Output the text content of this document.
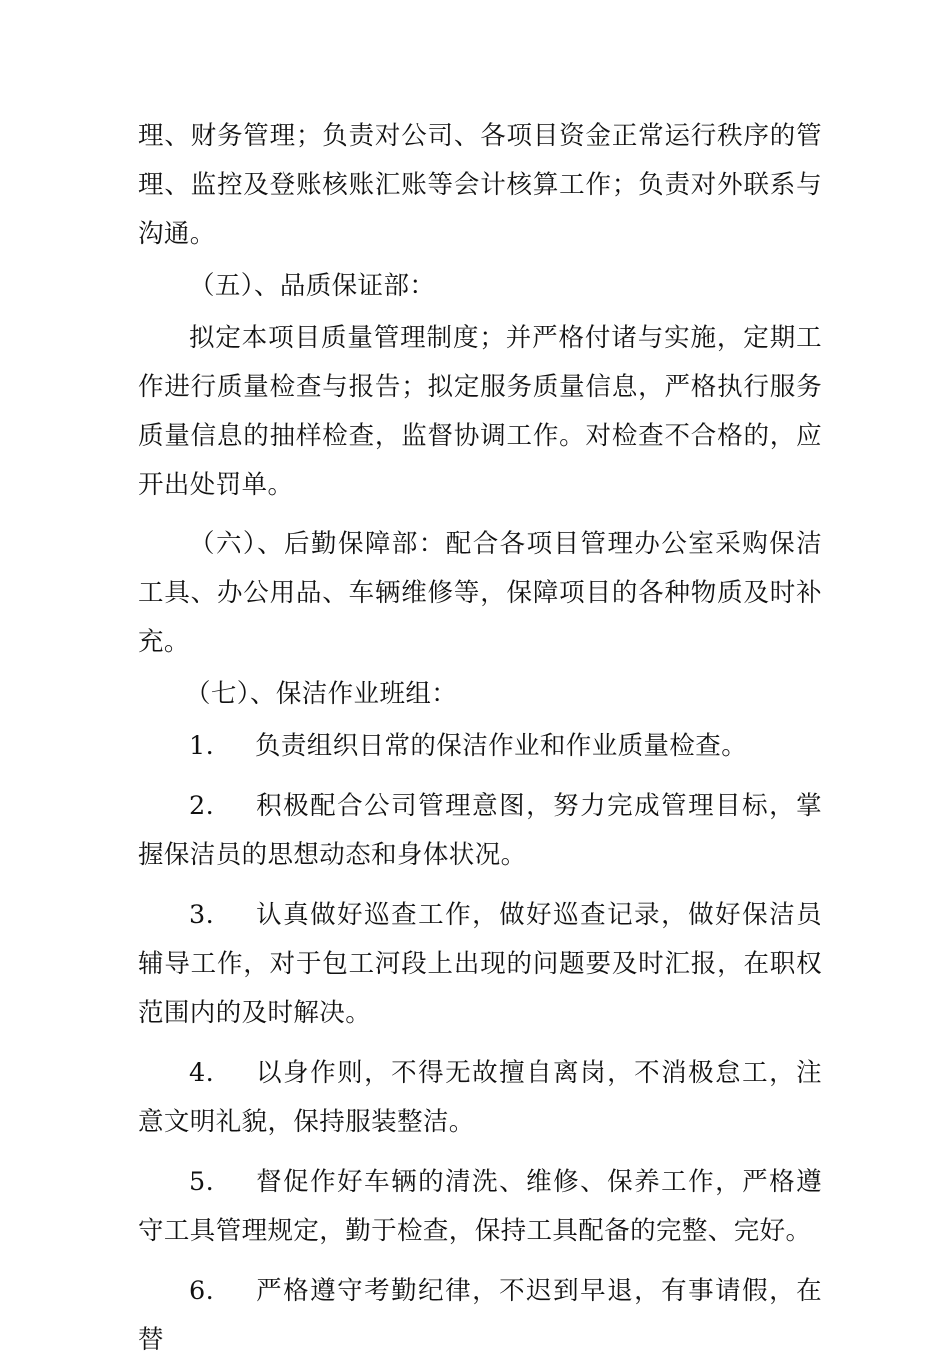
理、财务管理；负责对公司、各项目资金正常运行秩序的管理、监控及登账核账汇账等会计核算工作；负责对外联系与沟通。

（五）、品质保证部：

拟定本项目质量管理制度；并严格付诸与实施，定期工作进行质量检查与报告；拟定服务质量信息，严格执行服务质量信息的抽样检查，监督协调工作。对检查不合格的，应开出处罚单。

（六）、后勤保障部：配合各项目管理办公室采购保洁工具、办公用品、车辆维修等，保障项目的各种物质及时补充。

（七）、保洁作业班组：

1. 负责组织日常的保洁作业和作业质量检查。

2. 积极配合公司管理意图，努力完成管理目标，掌握保洁员的思想动态和身体状况。

3. 认真做好巡查工作，做好巡查记录，做好保洁员辅导工作，对于包工河段上出现的问题要及时汇报，在职权范围内的及时解决。

4. 以身作则，不得无故擅自离岗，不消极怠工，注意文明礼貌，保持服装整洁。

5. 督促作好车辆的清洗、维修、保养工作，严格遵守工具管理规定，勤于检查，保持工具配备的完整、完好。

6. 严格遵守考勤纪律，不迟到早退，有事请假，在替
